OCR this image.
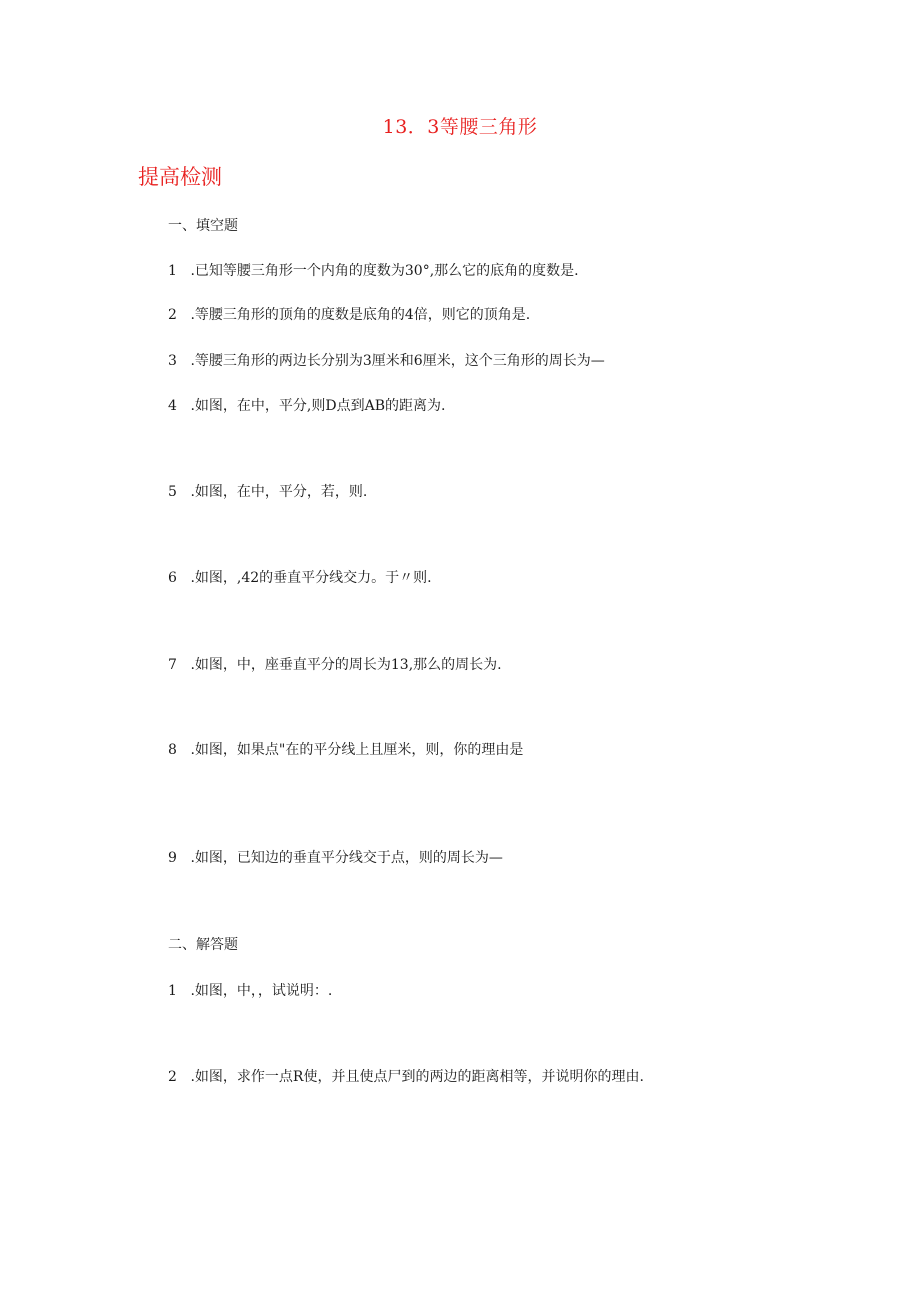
13．3等腰三角形
提高检测
一、填空题

1 .已知等腰三角形一个内角的度数为30°,那么它的底角的度数是.

2 .等腰三角形的顶角的度数是底角的4倍，则它的顶角是.

3 .等腰三角形的两边长分别为3厘米和6厘米，这个三角形的周长为—

4 .如图，在中，平分,则D点到AB的距离为.

5 .如图，在中，平分，若，则.

6 .如图，,42的垂直平分线交力。于〃则.

7 .如图，中，座垂直平分的周长为13,那么的周长为.

8 .如图，如果点"在的平分线上且厘米，则，你的理由是

9 .如图，已知边的垂直平分线交于点，则的周长为—

二、解答题

1 .如图，中，，试说明：.

2 .如图，求作一点R使，并且使点尸到的两边的距离相等，并说明你的理由.
